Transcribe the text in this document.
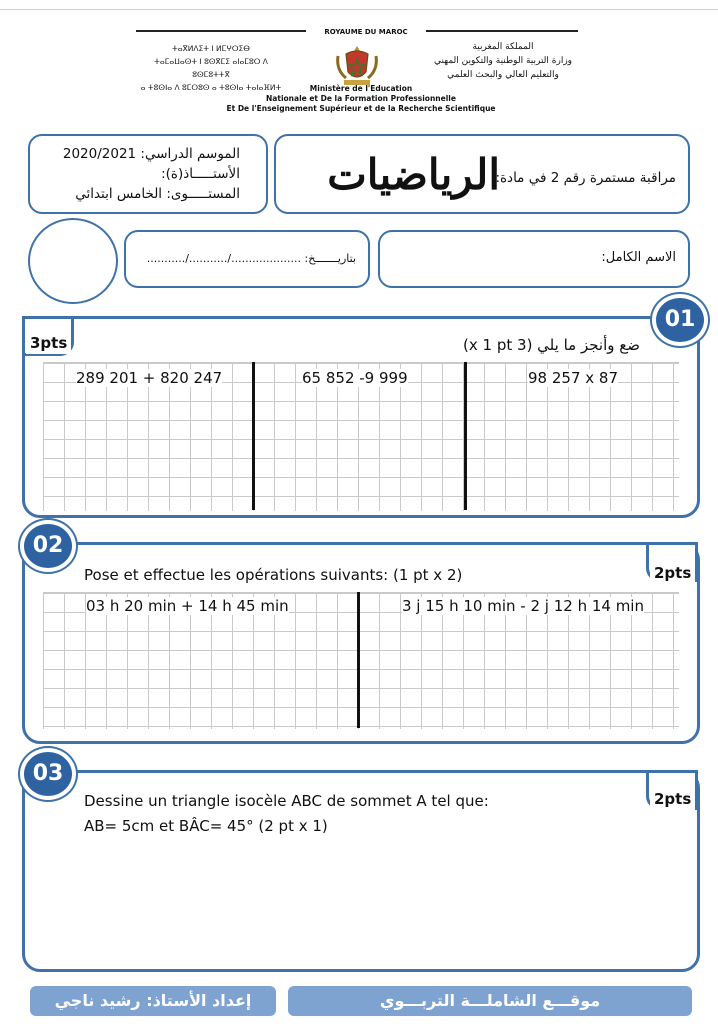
ROYAUME DU MAROC
ⵜⴰⴳⵍⴷⵉⵜ ⵏ ⵍⵎⵖⵔⵉⴱ
ⵜⴰⵎⴰⵡⴰⵙⵜ ⵏ ⵓⵙⴳⵎⵉ ⴰⵏⴰⵎⵓⵔ ⴷ ⵓⵙⵎⵓⵜⵜⴳ
ⴰ ⵜⵓⵙⵏⴰ ⴷ ⵓⵎⵔⵓⵙ ⴰ ⵜⵓⵙⵏⴰ ⵜⴰⵏⴰⴼⵍⵜ
المملكة المغربية
وزارة التربية الوطنية والتكوين المهني
والتعليم العالي والبحث العلمي
Ministère de l'Education
Nationale et De la Formation Professionnelle
Et De l'Enseignement Supérieur et de la Recherche Scientifique
الموسم الدراسي: 2020/2021
الأستـــــاذ(ة):
المستـــــوى: الخامس ابتدائي
مراقبة مستمرة رقم 2 في مادة:
الرياضيات
بتاريـــــــخ: ..................../.........../...........	الاسم الكامل:
3pts
01
ضع وأنجز ما يلي (3 x 1 pt)
289 201 + 820 247	65 852 -9 999	98 257 x 87
2pts
02
Pose et effectue les opérations suivants: (1 pt x 2)
03 h 20 min + 14 h 45 min	3 j 15 h 10 min - 2 j 12 h 14 min
2pts
03
Dessine un triangle isocèle ABC de sommet A tel que:
AB= 5cm et BÂC= 45° (2 pt x 1)
إعداد الأستاذ: رشيد ناجي	موقـــع الشاملـــة التربـــوي
